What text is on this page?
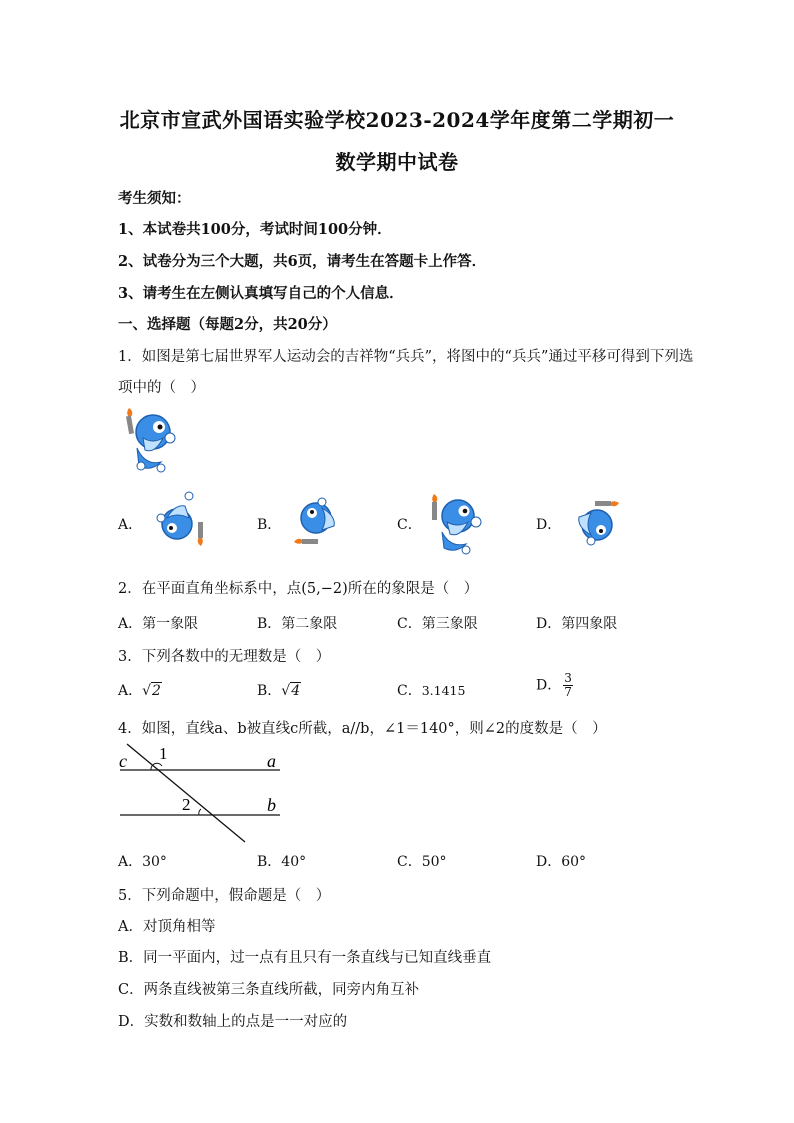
北京市宣武外国语实验学校2023-2024学年度第二学期初一
数学期中试卷
考生须知：
1、本试卷共100分，考试时间100分钟．
2、试卷分为三个大题，共6页，请考生在答题卡上作答．
3、请考生在左侧认真填写自己的个人信息．
一、选择题（每题2分，共20分）
1．如图是第七届世界军人运动会的吉祥物“兵兵”，将图中的“兵兵”通过平移可得到下列选
项中的（　）
A．	B．	C．	D．
2．在平面直角坐标系中，点(5,−2)所在的象限是（　）
A．第一象限	B．第二象限	C．第三象限	D．第四象限
3．下列各数中的无理数是（　）
A．√2	B．√4	C．3.1415	D． $\frac{3}{7}$
4．如图，直线a、b被直线c所截，a//b，∠1＝140°，则∠2的度数是（　）
1
2
c	a
b
A．30°	B．40°	C．50°	D．60°
5．下列命题中，假命题是（　）
A．对顶角相等
B．同一平面内，过一点有且只有一条直线与已知直线垂直
C．两条直线被第三条直线所截，同旁内角互补
D．实数和数轴上的点是一一对应的
